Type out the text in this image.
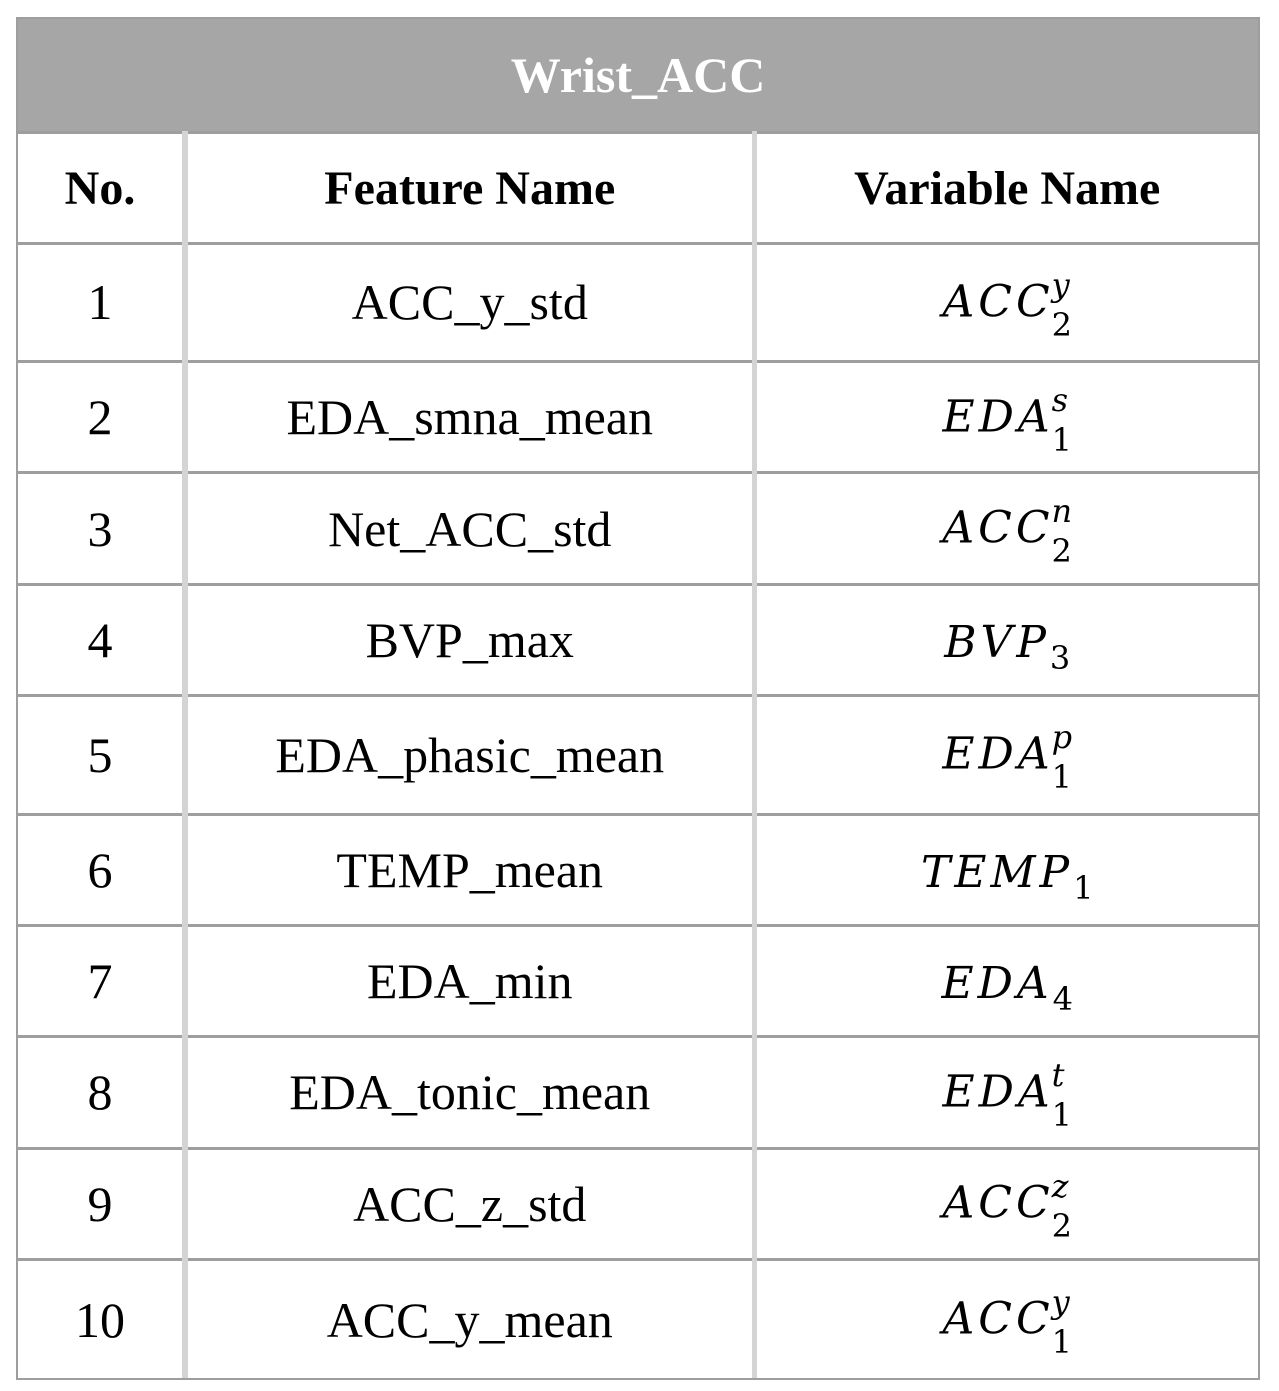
Wrist_ACC		
No.	Feature Name	Variable Name
1	ACC_y_std	ACC
y
2

2	EDA_smna_mean	EDA
s
1

3	Net_ACC_std	ACC
n
2

4	BVP_max	$BVP_3$
5	EDA_phasic_mean	EDA
p
1

6	TEMP_mean	$TEMP_1$
7	EDA_min	$EDA_4$
8	EDA_tonic_mean	EDA
t
1

9	ACC_z_std	ACC
z
2

10	ACC_y_mean	ACC
y
1
